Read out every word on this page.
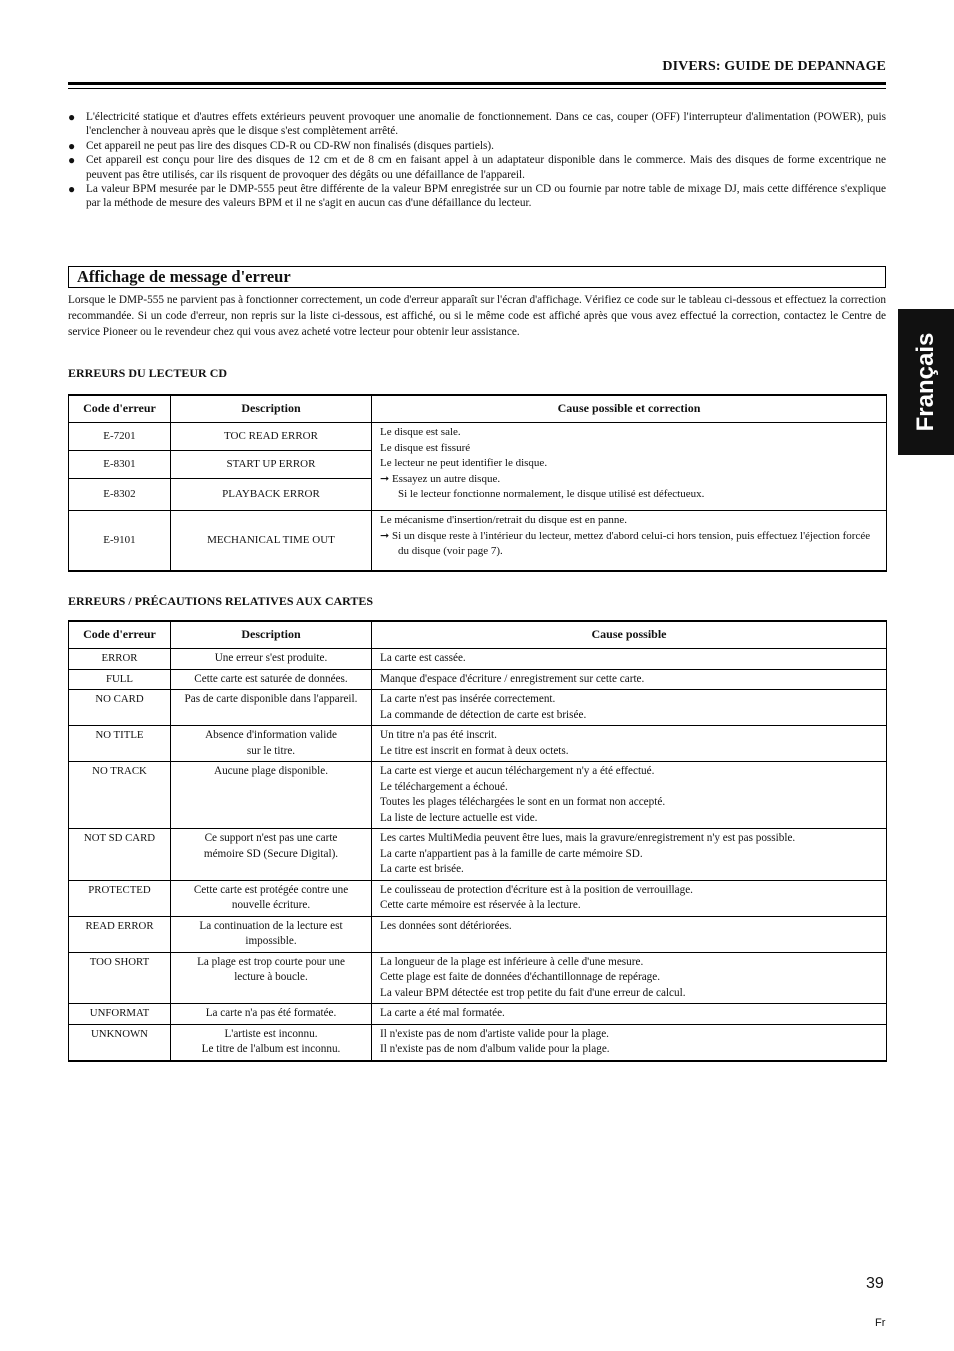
DIVERS: GUIDE DE DEPANNAGE
● L'électricité statique et d'autres effets extérieurs peuvent provoquer une anomalie de fonctionnement. Dans ce cas, couper (OFF) l'interrupteur d'alimentation (POWER), puis l'enclencher à nouveau après que le disque s'est complètement arrêté.
● Cet appareil ne peut pas lire des disques CD-R ou CD-RW non finalisés (disques partiels).
● Cet appareil est conçu pour lire des disques de 12 cm et de 8 cm en faisant appel à un adaptateur disponible dans le commerce. Mais des disques de forme excentrique ne peuvent pas être utilisés, car ils risquent de provoquer des dégâts ou une défaillance de l'appareil.
● La valeur BPM mesurée par le DMP-555 peut être différente de la valeur BPM enregistrée sur un CD ou fournie par notre table de mixage DJ, mais cette différence s'explique par la méthode de mesure des valeurs BPM et il ne s'agit en aucun cas d'une défaillance du lecteur.
Affichage de message d'erreur

Lorsque le DMP-555 ne parvient pas à fonctionner correctement, un code d'erreur apparaît sur l'écran d'affichage. Vérifiez ce code sur le tableau ci-dessous et effectuez la correction recommandée. Si un code d'erreur, non repris sur la liste ci-dessous, est affiché, ou si le même code est affiché après que vous avez effectué la correction, contactez le Centre de service Pioneer ou le revendeur chez qui vous avez acheté votre lecteur pour obtenir leur assistance.

ERREURS DU LECTEUR CD
Code d'erreur	Description	Cause possible et correction
E-7201	TOC READ ERROR	Le disque est sale.
Le disque est fissuré
Le lecteur ne peut identifier le disque.
➞ Essayez un autre disque.
Si le lecteur fonctionne normalement, le disque utilisé est défectueux.

E-8301	START UP ERROR	
E-8302	PLAYBACK ERROR	
E-9101	MECHANICAL TIME OUT	Le mécanisme d'insertion/retrait du disque est en panne.
➞ Si un disque reste à l'intérieur du lecteur, mettez d'abord celui-ci hors tension, puis effectuez l'éjection forcée du disque (voir page 7).
ERREURS / PRÉCAUTIONS RELATIVES AUX CARTES
Code d'erreur	Description	Cause possible
ERROR	Une erreur s'est produite.	La carte est cassée.

FULL	Cette carte est saturée de données.	Manque d'espace d'écriture / enregistrement sur cette carte.

NO CARD	Pas de carte disponible dans l'appareil.	La carte n'est pas insérée correctement.
La commande de détection de carte est brisée.

NO TITLE	Absence d'information valide
sur le titre.	Un titre n'a pas été inscrit.
Le titre est inscrit en format à deux octets.

NO TRACK	Aucune plage disponible.	La carte est vierge et aucun téléchargement n'y a été effectué.
Le téléchargement a échoué.
Toutes les plages téléchargées le sont en un format non accepté.
La liste de lecture actuelle est vide.

NOT SD CARD	Ce support n'est pas une carte
mémoire SD (Secure Digital).	Les cartes MultiMedia peuvent être lues, mais la gravure/enregistrement n'y est pas possible.
La carte n'appartient pas à la famille de carte mémoire SD.
La carte est brisée.

PROTECTED	Cette carte est protégée contre une
nouvelle écriture.	Le coulisseau de protection d'écriture est à la position de verrouillage.
Cette carte mémoire est réservée à la lecture.

READ ERROR	La continuation de la lecture est
impossible.	Les données sont détériorées.

TOO SHORT	La plage est trop courte pour une
lecture à boucle.	La longueur de la plage est inférieure à celle d'une mesure.
Cette plage est faite de données d'échantillonnage de repérage.
La valeur BPM détectée est trop petite du fait d'une erreur de calcul.

UNFORMAT	La carte n'a pas été formatée.	La carte a été mal formatée.

UNKNOWN	L'artiste est inconnu.
Le titre de l'album est inconnu.	Il n'existe pas de nom d'artiste valide pour la plage.
Il n'existe pas de nom d'album valide pour la plage.
Français
39
Fr
